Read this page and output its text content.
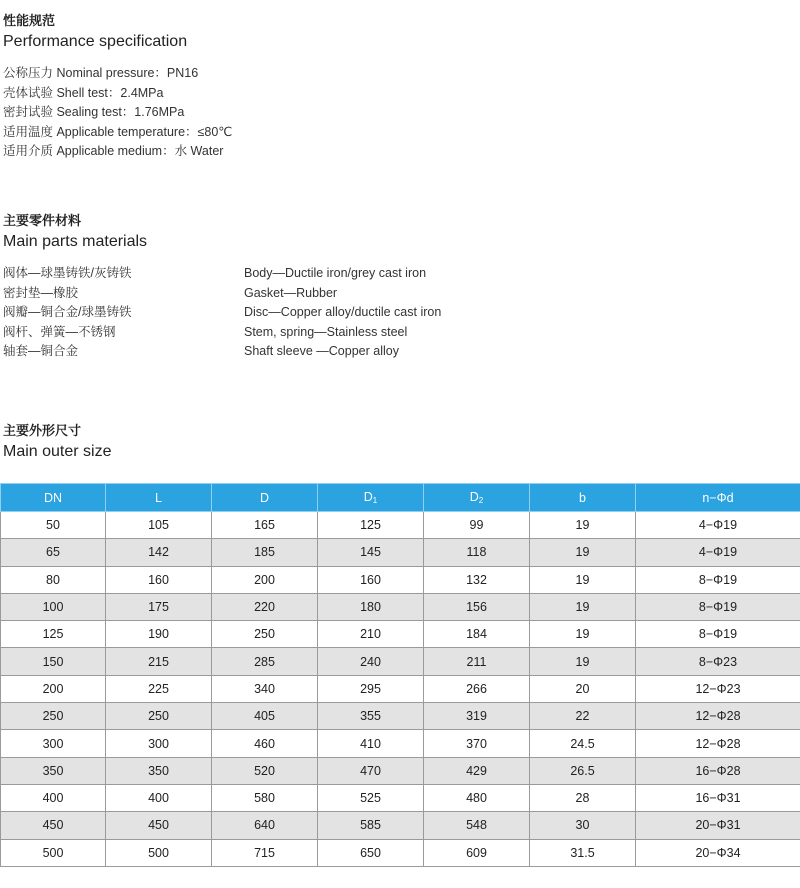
性能规范
Performance specification
公称压力 Nominal pressure：PN16
壳体试验 Shell test：2.4MPa
密封试验 Sealing test：1.76MPa
适用温度 Applicable temperature：≤80℃
适用介质 Applicable medium：水 Water
主要零件材料
Main parts materials
阀体—球墨铸铁/灰铸铁	Body—Ductile iron/grey cast iron
密封垫—橡胶	Gasket—Rubber
阀瓣—铜合金/球墨铸铁	Disc—Copper alloy/ductile cast iron
阀杆、弹簧—不锈钢	Stem, spring—Stainless steel
轴套—铜合金	Shaft sleeve —Copper alloy
主要外形尺寸
Main outer size
DN	L	D	$D_1$	$D_2$	b	n−Φd
50	105	165	125	99	19	4−Φ19
65	142	185	145	118	19	4−Φ19
80	160	200	160	132	19	8−Φ19
100	175	220	180	156	19	8−Φ19
125	190	250	210	184	19	8−Φ19
150	215	285	240	211	19	8−Φ23
200	225	340	295	266	20	12−Φ23
250	250	405	355	319	22	12−Φ28
300	300	460	410	370	24.5	12−Φ28
350	350	520	470	429	26.5	16−Φ28
400	400	580	525	480	28	16−Φ31
450	450	640	585	548	30	20−Φ31
500	500	715	650	609	31.5	20−Φ34
